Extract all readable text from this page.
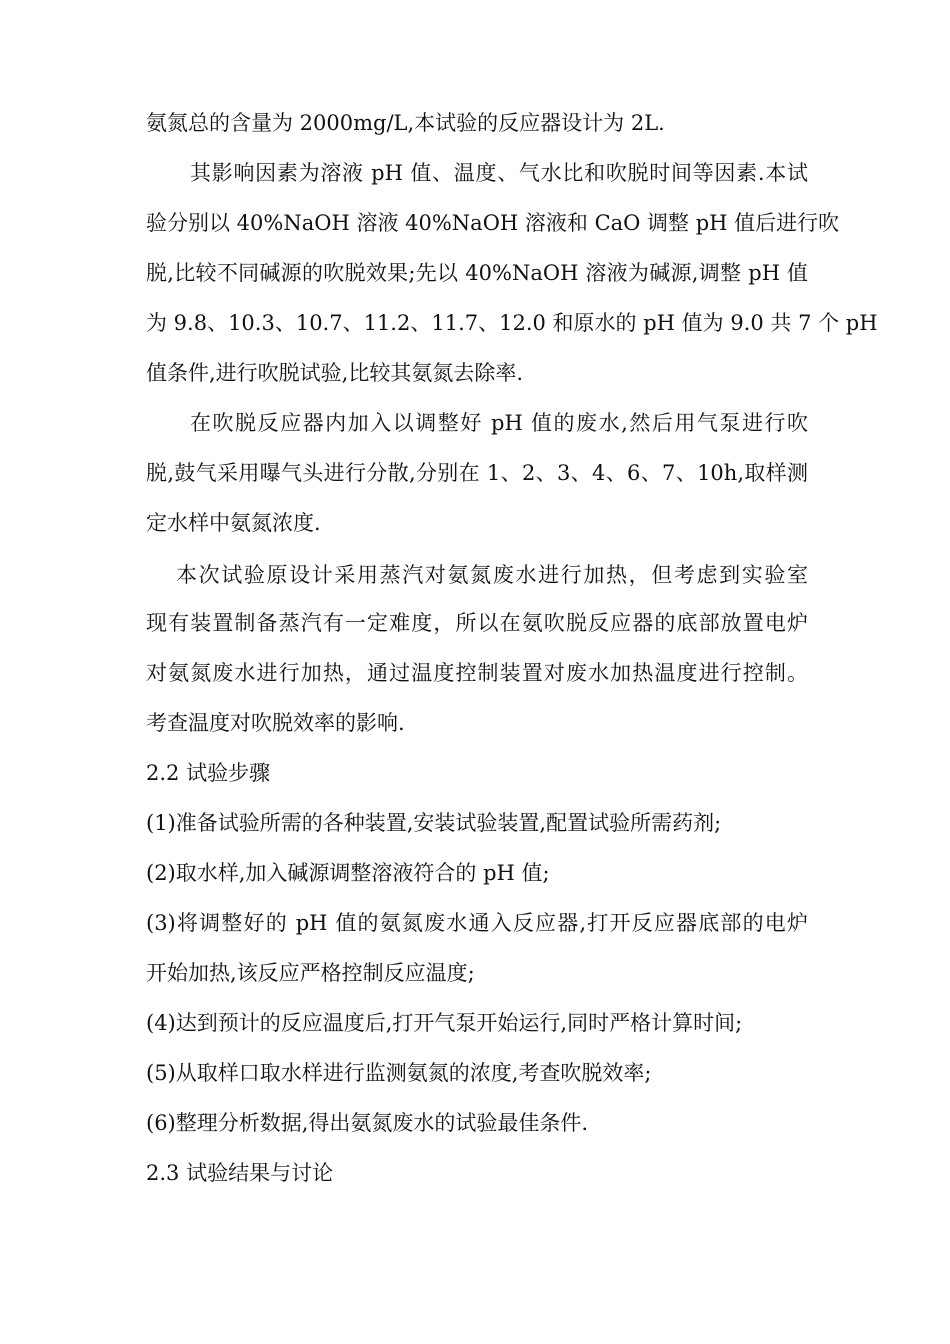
氨氮总的含量为 2000mg/L,本试验的反应器设计为 2L.
其影响因素为溶液 pH 值、温度、气水比和吹脱时间等因素.本试
验分别以 40%NaOH 溶液 40%NaOH 溶液和 CaO 调整 pH 值后进行吹
脱,比较不同碱源的吹脱效果;先以 40%NaOH 溶液为碱源,调整 pH 值
为 9.8、10.3、10.7、11.2、11.7、12.0 和原水的 pH 值为 9.0 共 7 个 pH
值条件,进行吹脱试验,比较其氨氮去除率.
在吹脱反应器内加入以调整好 pH 值的废水,然后用气泵进行吹
脱,鼓气采用曝气头进行分散,分别在 1、2、3、4、6、7、10h,取样测
定水样中氨氮浓度.
本次试验原设计采用蒸汽对氨氮废水进行加热，但考虑到实验室
现有装置制备蒸汽有一定难度，所以在氨吹脱反应器的底部放置电炉
对氨氮废水进行加热，通过温度控制装置对废水加热温度进行控制。
考查温度对吹脱效率的影响.
2.2 试验步骤
(1)准备试验所需的各种装置,安装试验装置,配置试验所需药剂;
(2)取水样,加入碱源调整溶液符合的 pH 值;
(3)将调整好的 pH 值的氨氮废水通入反应器,打开反应器底部的电炉
开始加热,该反应严格控制反应温度;
(4)达到预计的反应温度后,打开气泵开始运行,同时严格计算时间;
(5)从取样口取水样进行监测氨氮的浓度,考查吹脱效率;
(6)整理分析数据,得出氨氮废水的试验最佳条件.
2.3 试验结果与讨论
